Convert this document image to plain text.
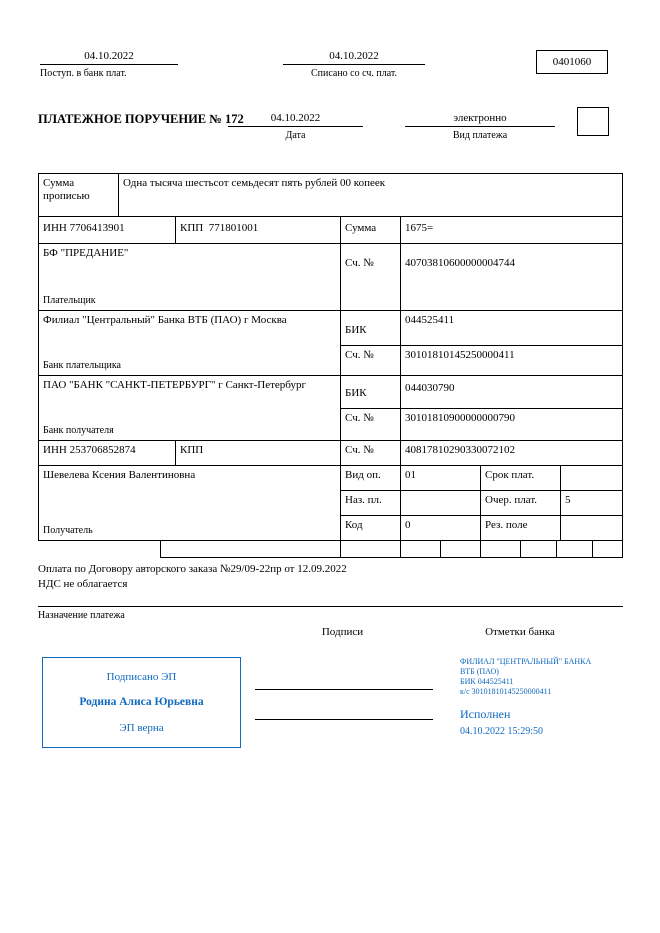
04.10.2022
Поступ. в банк плат.
04.10.2022
Списано со сч. плат.
0401060
ПЛАТЕЖНОЕ ПОРУЧЕНИЕ № 172	04.10.2022
Дата
электронно
Вид платежа
Сумма прописью
Одна тысяча шестьсот семьдесят пять рублей 00 копеек
ИНН 7706413901	КПП  771801001	Сумма	1675=
БФ "ПРЕДАНИЕ"
Плательщик
Сч. №	40703810600000004744
Филиал "Центральный" Банка ВТБ (ПАО) г Москва
Банк плательщика
БИК
044525411
Сч. №	30101810145250000411
ПАО "БАНК "САНКТ-ПЕТЕРБУРГ" г Санкт-Петербург
Банк получателя
БИК	044030790
Сч. №	30101810900000000790
ИНН 253706852874	КПП	Сч. №	40817810290330072102
Шевелева Ксения Валентиновна
Получатель
Вид оп.	01	Срок плат.
Наз. пл.	Очер. плат.	5
Код	0	Рез. поле
Оплата по Договору авторского заказа №29/09-22пр от 12.09.2022
НДС не облагается
Назначение платежа
Подписи	Отметки банка
Подписано ЭП
Родина Алиса Юрьевна
ЭП верна
ФИЛИАЛ "ЦЕНТРАЛЬНЫЙ" БАНКА
ВТБ (ПАО)
БИК 044525411
к/с 30101810145250000411
Исполнен
04.10.2022 15:29:50
